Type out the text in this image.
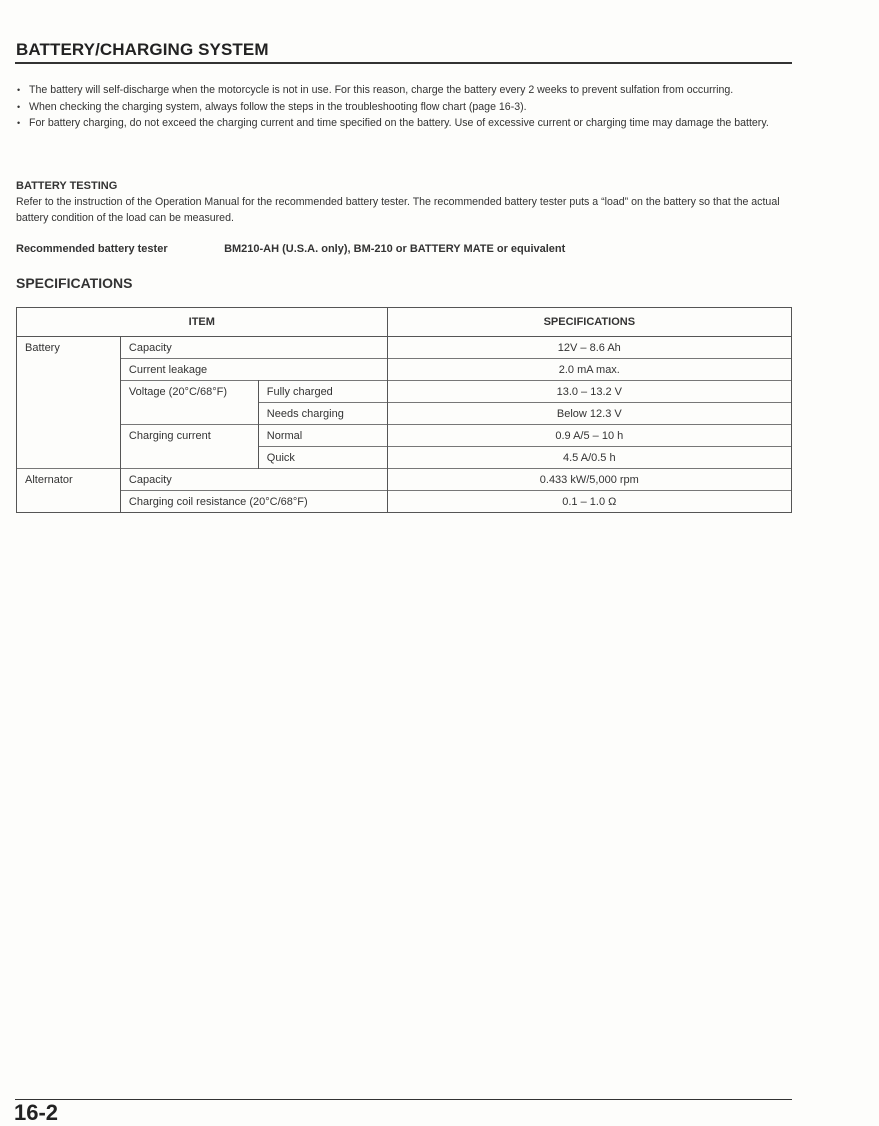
BATTERY/CHARGING SYSTEM
• The battery will self-discharge when the motorcycle is not in use. For this reason, charge the battery every 2 weeks to prevent sulfation from occurring.
• When checking the charging system, always follow the steps in the troubleshooting flow chart (page 16-3).
• For battery charging, do not exceed the charging current and time specified on the battery. Use of excessive current or charging time may damage the battery.
BATTERY TESTING
Refer to the instruction of the Operation Manual for the recommended battery tester. The recommended battery tester puts a “load” on the battery so that the actual battery condition of the load can be measured.
Recommended battery tester	BM210-AH (U.S.A. only), BM-210 or BATTERY MATE or equivalent
SPECIFICATIONS
ITEM			SPECIFICATIONS
Battery	Capacity		12V – 8.6 Ah
	Current leakage		2.0 mA max.
	Voltage (20°C/68°F)	Fully charged	13.0 – 13.2 V
		Needs charging	Below 12.3 V
	Charging current	Normal	0.9 A/5 – 10 h
		Quick	4.5 A/0.5 h
Alternator	Capacity		0.433 kW/5,000 rpm
	Charging coil resistance (20°C/68°F)		0.1 – 1.0 Ω
16-2
